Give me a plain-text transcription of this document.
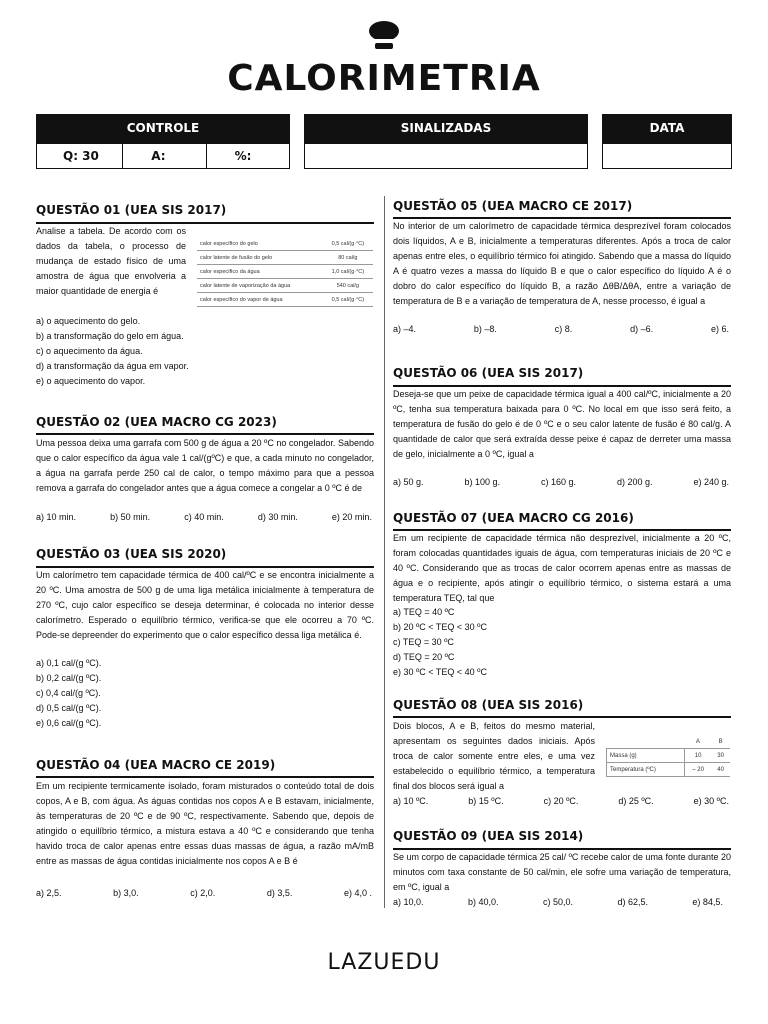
CALORIMETRIA
CONTROLE
Q: 30	A:	%:
SINALIZADAS	DATA
QUESTÃO 01 (UEA SIS 2017)
Analise a tabela. De acordo com os dados da tabela, o processo de mudança de estado físico de uma amostra de água que envolveria a maior quantidade de energia é
calor específico do gelo	0,5 cal/(g·°C)
calor latente de fusão do gelo	80 cal/g
calor específico da água	1,0 cal/(g·°C)
calor latente de vaporização da água	540 cal/g
calor específico do vapor de água	0,5 cal/(g·°C)
a) o aquecimento do gelo.
b) a transformação do gelo em água.
c) o aquecimento da água.
d) a transformação da água em vapor.
e) o aquecimento do vapor.
QUESTÃO 02 (UEA MACRO CG 2023)
Uma pessoa deixa uma garrafa com 500 g de água a 20 ºC no congelador. Sabendo que o calor específico da água vale 1 cal/(gºC) e que, a cada minuto no congelador, a água na garrafa perde 250 cal de calor, o tempo máximo para que a pessoa remova a garrafa do congelador antes que a água comece a congelar a 0 ºC é de
a) 10 min.	b) 50 min.	c) 40 min.	d) 30 min.	e) 20 min.
QUESTÃO 03 (UEA SIS 2020)
Um calorímetro tem capacidade térmica de 400 cal/ºC e se encontra inicialmente a 20 ºC. Uma amostra de 500 g de uma liga metálica inicialmente à temperatura de 270 ºC, cujo calor específico se deseja determinar, é colocada no interior desse calorímetro. Esperado o equilíbrio térmico, verifica-se que ele ocorreu a 70 ºC. Pode-se depreender do experimento que o calor específico dessa liga metálica é.
a) 0,1 cal/(g ºC).
b) 0,2 cal/(g ºC).
c) 0,4 cal/(g ºC).
d) 0,5 cal/(g ºC).
e) 0,6 cal/(g ºC).
QUESTÃO 04 (UEA MACRO CE 2019)
Em um recipiente termicamente isolado, foram misturados o conteúdo total de dois copos, A e B, com água. As águas contidas nos copos A e B estavam, inicialmente, às temperaturas de 20 ºC e de 90 ºC, respectivamente. Sabendo que, depois de atingido o equilíbrio térmico, a mistura estava a 40 ºC e considerando que tenha havido troca de calor apenas entre essas duas massas de água, a razão mA/mB entre as massas de água contidas inicialmente nos copos A e B é
a) 2,5.	b) 3,0.	c) 2,0.	d) 3,5.	e) 4,0 .
QUESTÃO 05 (UEA MACRO CE 2017)
No interior de um calorímetro de capacidade térmica desprezível foram colocados dois líquidos, A e B, inicialmente a temperaturas diferentes. Após a troca de calor apenas entre eles, o equilíbrio térmico foi atingido. Sabendo que a massa do líquido A é quatro vezes a massa do líquido B e que o calor específico do líquido A é o dobro do calor específico do líquido B, a razão ΔθB/ΔθA, entre a variação de temperatura de B e a variação de temperatura de A, nesse processo, é igual a
a) –4.	b) –8.	c) 8.	d) –6.	e) 6.
QUESTÃO 06 (UEA SIS 2017)
Deseja-se que um peixe de capacidade térmica igual a 400 cal/ºC, inicialmente a 20 ºC, tenha sua temperatura baixada para 0 ºC. No local em que isso será feito, a temperatura de fusão do gelo é de 0 ºC e o seu calor latente de fusão é 80 cal/g. A quantidade de calor que será extraída desse peixe é capaz de derreter uma massa de gelo, inicialmente a 0 ºC, igual a
a) 50 g.	b) 100 g.	c) 160 g.	d) 200 g.	e) 240 g.
QUESTÃO 07 (UEA MACRO CG 2016)
Em um recipiente de capacidade térmica não desprezível, inicialmente a 20 ºC, foram colocadas quantidades iguais de água, com temperaturas iniciais de 20 ºC e 40 ºC. Considerando que as trocas de calor ocorrem apenas entre as massas de água e o recipiente, após atingir o equilíbrio térmico, o sistema estará a uma temperatura TEQ, tal que
a) TEQ = 40 ºC
b) 20 ºC < TEQ < 30 ºC
c) TEQ = 30 ºC
d) TEQ = 20 ºC
e) 30 ºC < TEQ < 40 ºC
QUESTÃO 08 (UEA SIS 2016)
Dois blocos, A e B, feitos do mesmo material, apresentam os seguintes dados iniciais. Após troca de calor somente entre eles, e uma vez estabelecido o equilíbrio térmico, a temperatura final dos blocos será igual a
	A	B
Massa (g)	10	30
Temperatura (ºC)	– 20	40
a) 10 ºC.	b) 15 ºC.	c) 20 ºC.	d) 25 ºC.	e) 30 ºC.
QUESTÃO 09 (UEA SIS 2014)
Se um corpo de capacidade térmica 25 cal/ ºC recebe calor de uma fonte durante 20 minutos com taxa constante de 50 cal/min, ele sofre uma variação de temperatura, em ºC, igual a
a) 10,0.	b) 40,0.	c) 50,0.	d) 62,5.	e) 84,5.
LAZUEDU
